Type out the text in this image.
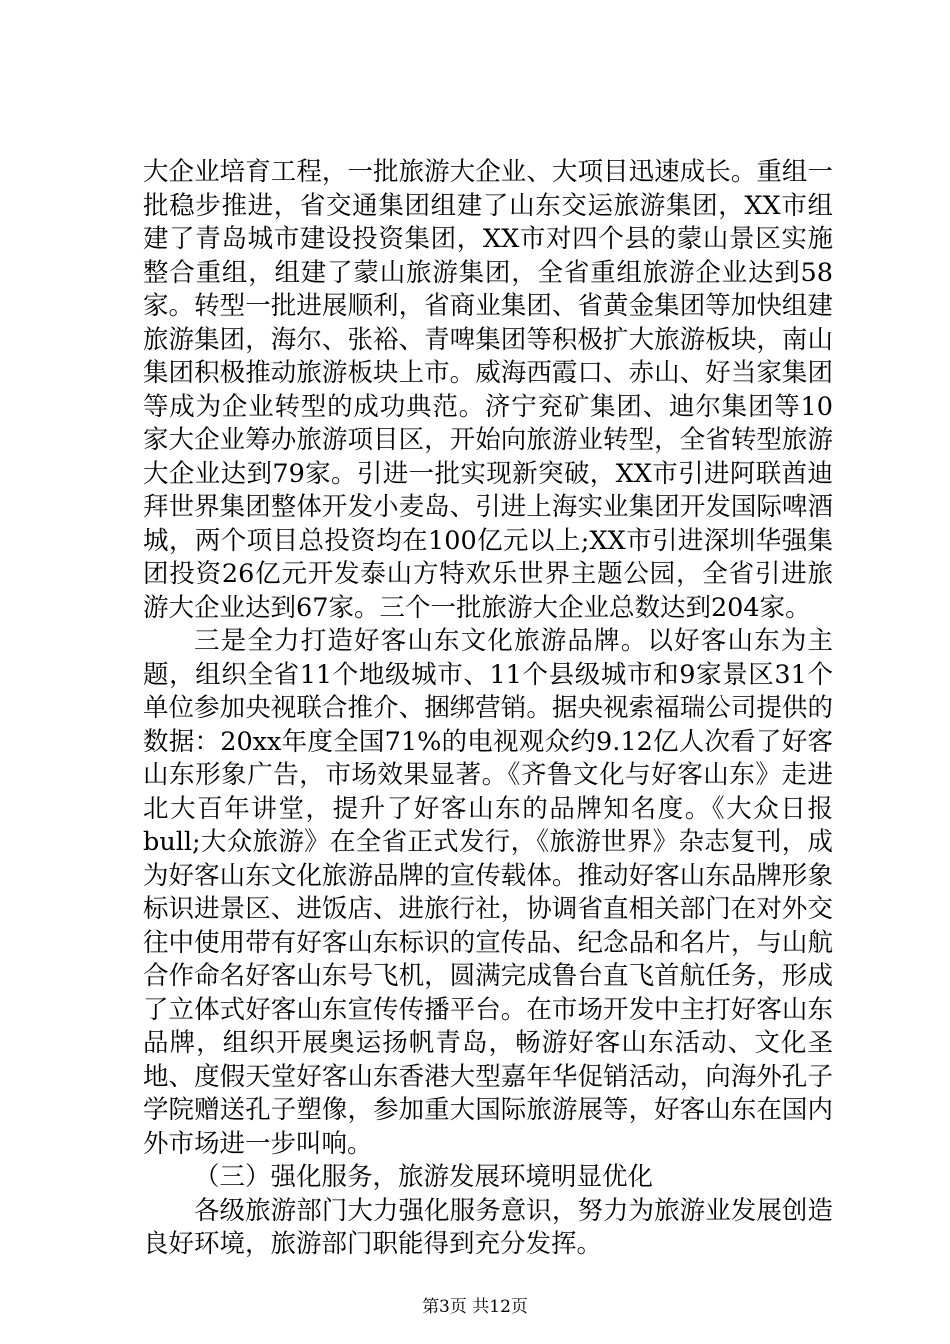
大企业培育工程，一批旅游大企业、大项目迅速成长。重组一批稳步推进，省交通集团组建了山东交运旅游集团，XX市组建了青岛城市建设投资集团，XX市对四个县的蒙山景区实施整合重组，组建了蒙山旅游集团，全省重组旅游企业达到58家。转型一批进展顺利，省商业集团、省黄金集团等加快组建旅游集团，海尔、张裕、青啤集团等积极扩大旅游板块，南山集团积极推动旅游板块上市。威海西霞口、赤山、好当家集团等成为企业转型的成功典范。济宁兖矿集团、迪尔集团等10家大企业筹办旅游项目区，开始向旅游业转型，全省转型旅游大企业达到79家。引进一批实现新突破，XX市引进阿联酋迪拜世界集团整体开发小麦岛、引进上海实业集团开发国际啤酒城，两个项目总投资均在100亿元以上;XX市引进深圳华强集团投资26亿元开发泰山方特欢乐世界主题公园，全省引进旅游大企业达到67家。三个一批旅游大企业总数达到204家。

三是全力打造好客山东文化旅游品牌。以好客山东为主题，组织全省11个地级城市、11个县级城市和9家景区31个单位参加央视联合推介、捆绑营销。据央视索福瑞公司提供的数据：20xx年度全国71%的电视观众约9.12亿人次看了好客山东形象广告，市场效果显著。《齐鲁文化与好客山东》走进北大百年讲堂，提升了好客山东的品牌知名度。《大众日报bull;大众旅游》在全省正式发行，《旅游世界》杂志复刊，成为好客山东文化旅游品牌的宣传载体。推动好客山东品牌形象标识进景区、进饭店、进旅行社，协调省直相关部门在对外交往中使用带有好客山东标识的宣传品、纪念品和名片，与山航合作命名好客山东号飞机，圆满完成鲁台直飞首航任务，形成了立体式好客山东宣传传播平台。在市场开发中主打好客山东品牌，组织开展奥运扬帆青岛，畅游好客山东活动、文化圣地、度假天堂好客山东香港大型嘉年华促销活动，向海外孔子学院赠送孔子塑像，参加重大国际旅游展等，好客山东在国内外市场进一步叫响。

（三）强化服务，旅游发展环境明显优化

各级旅游部门大力强化服务意识，努力为旅游业发展创造良好环境，旅游部门职能得到充分发挥。

第3页 共12页
